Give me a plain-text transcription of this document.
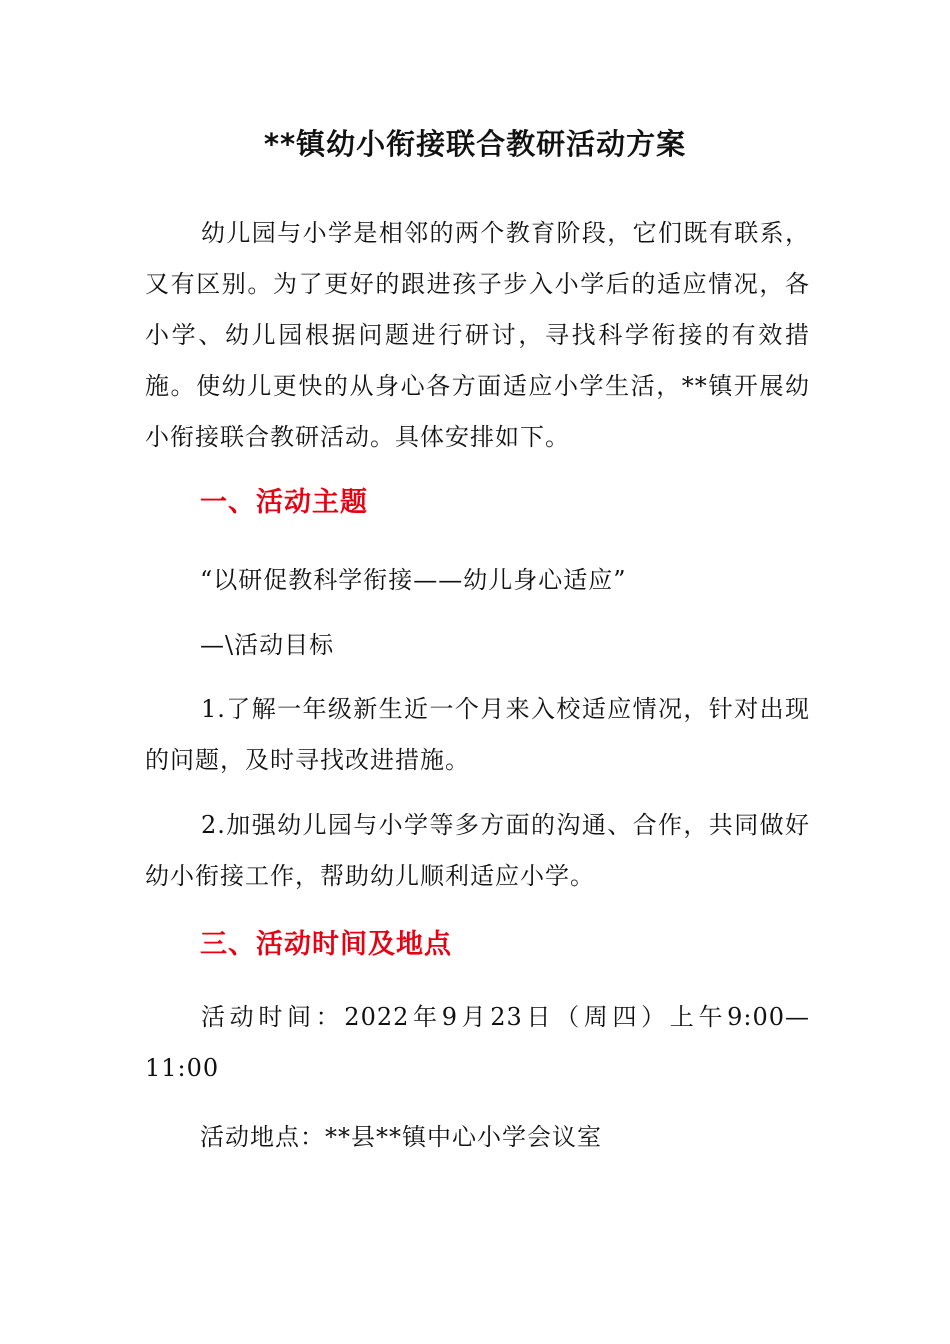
**镇幼小衔接联合教研活动方案

幼儿园与小学是相邻的两个教育阶段，它们既有联系，又有区别。为了更好的跟进孩子步入小学后的适应情况，各小学、幼儿园根据问题进行研讨，寻找科学衔接的有效措施。使幼儿更快的从身心各方面适应小学生活，**镇开展幼小衔接联合教研活动。具体安排如下。

一、活动主题

“以研促教科学衔接——幼儿身心适应”

—\活动目标

1.了解一年级新生近一个月来入校适应情况，针对出现的问题，及时寻找改进措施。

2.加强幼儿园与小学等多方面的沟通、合作，共同做好幼小衔接工作，帮助幼儿顺利适应小学。

三、活动时间及地点

活动时间：2022年9月23日（周四）上午9:00—11:00

活动地点：**县**镇中心小学会议室
